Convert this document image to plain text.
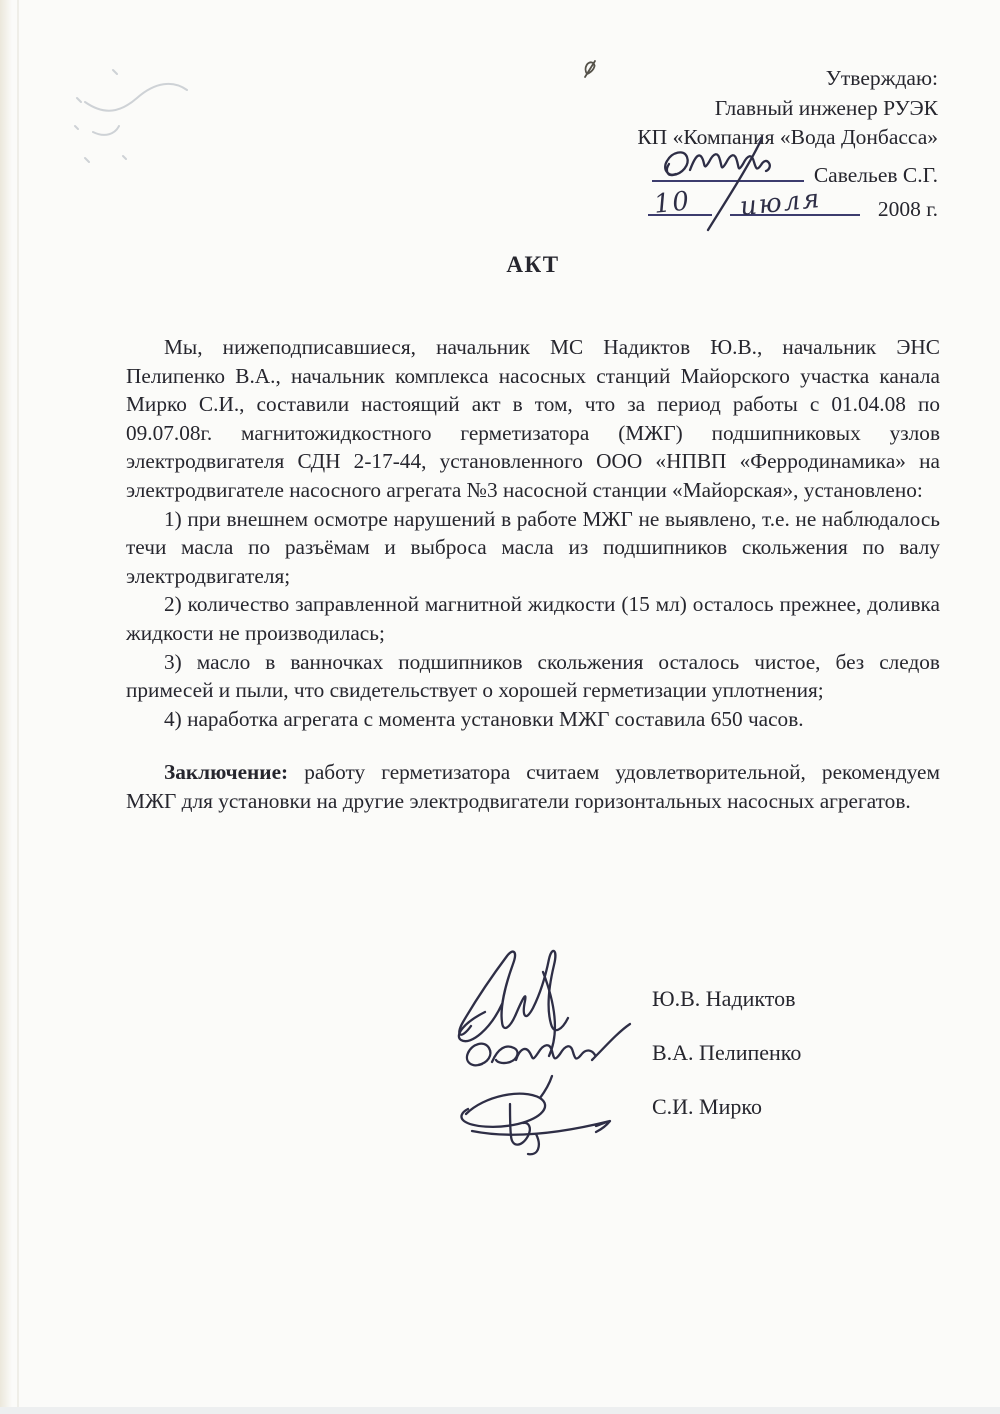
Утверждаю:
Главный инженер РУЭК
КП «Компания «Вода Донбасса»
Савельев С.Г.
10 июля	2008 г.
АКТ

Мы, нижеподписавшиеся, начальник МС Надиктов Ю.В., начальник ЭНС Пелипенко В.А., начальник комплекса насосных станций Майорского участка канала Мирко С.И., составили настоящий акт в том, что за период работы с 01.04.08 по 09.07.08г. магнитожидкостного герметизатора (МЖГ) подшипниковых узлов электродвигателя СДН 2-17-44, установленного ООО «НПВП «Ферродинамика» на электродвигателе насосного агрегата №3 насосной станции «Майорская», установлено:

1) при внешнем осмотре нарушений в работе МЖГ не выявлено, т.е. не наблюдалось течи масла по разъёмам и выброса масла из подшипников скольжения по валу электродвигателя;

2) количество заправленной магнитной жидкости (15 мл) осталось прежнее, доливка жидкости не производилась;

3) масло в ванночках подшипников скольжения осталось чистое, без следов примесей и пыли, что свидетельствует о хорошей герметизации уплотнения;

4) наработка агрегата с момента установки МЖГ составила 650 часов.

Заключение: работу герметизатора считаем удовлетворительной, рекомендуем МЖГ для установки на другие электродвигатели горизонтальных насосных агрегатов.

Ю.В. Надиктов
В.А. Пелипенко
С.И. Мирко
